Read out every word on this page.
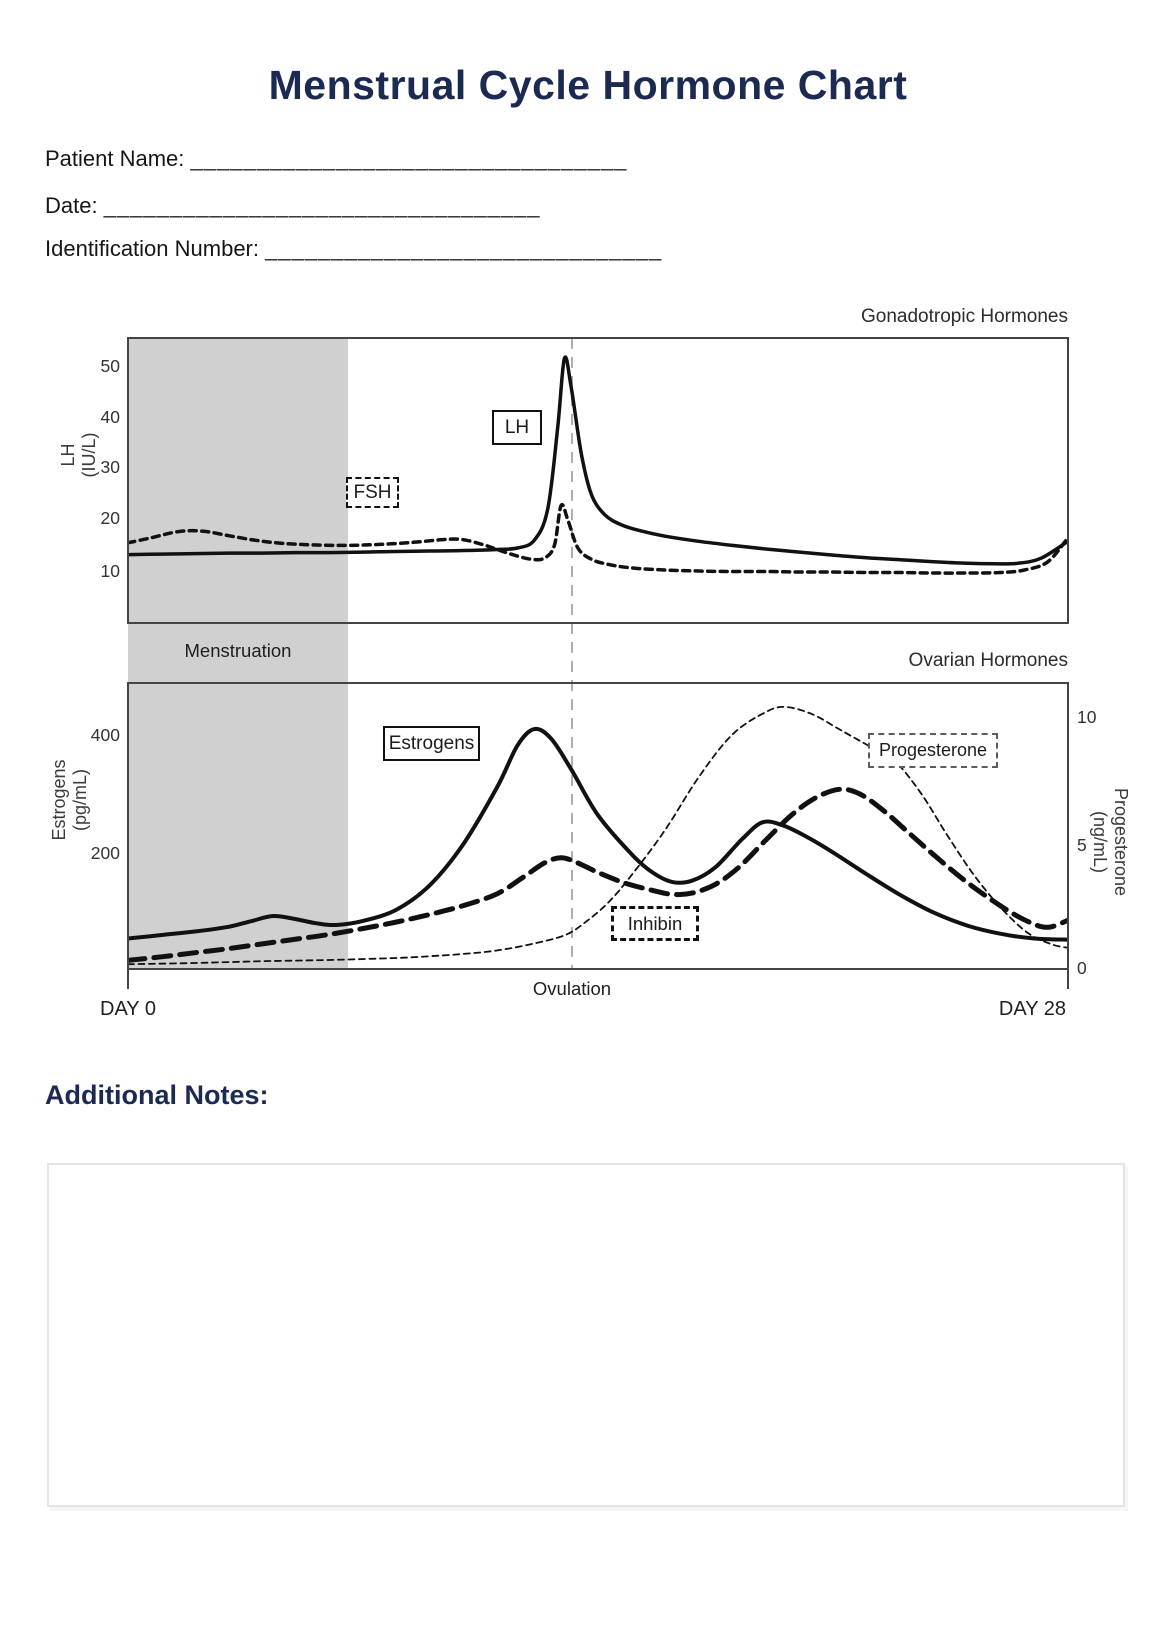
Menstrual Cycle Hormone Chart
Patient Name: _________________________________
Date: _________________________________
Identification Number: ______________________________
Gonadotropic Hormones
50
40
30
20
10
LH (IU/L)
LH
FSH
Menstruation	Ovarian Hormones
400
200
10
5
0
Estrogens (pg/mL)	Progesterone
(ng/mL)
Estrogens	Progesterone
Inhibin
Ovulation
DAY 0	DAY 28
Additional Notes:
